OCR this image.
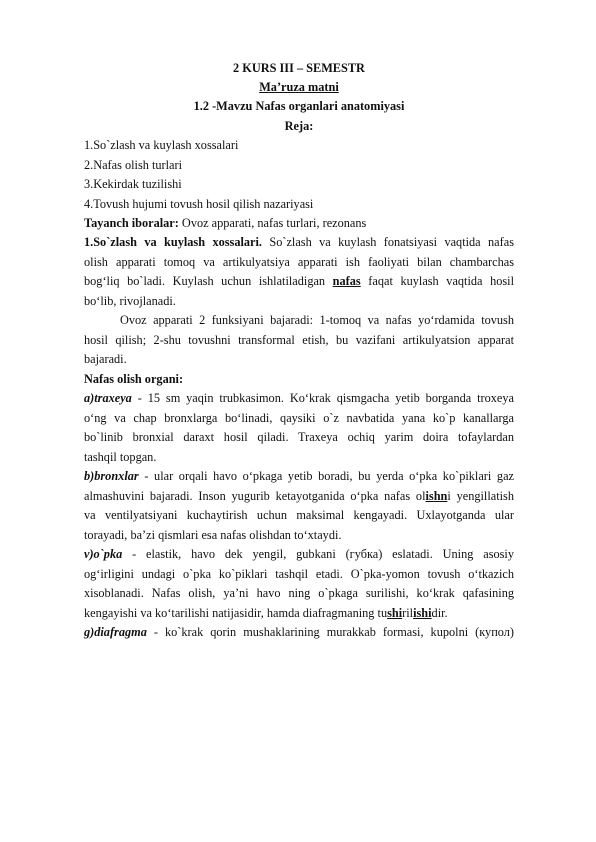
2 KURS III – SEMESTR
Ma’ruza matni
1.2 -Mavzu Nafas organlari anatomiyasi
Reja:
1.So`zlash va kuylash xossalari
2.Nafas olish turlari
3.Kekirdak tuzilishi
4.Tovush hujumi tovush hosil qilish nazariyasi
Tayanch iboralar: Ovoz apparati, nafas turlari, rezonans
1.So`zlash va kuylash xossalari. So`zlash va kuylash fonatsiyasi vaqtida nafas
olish apparati tomoq va artikulyatsiya apparati ish faoliyati bilan chambarchas
bog‘liq bo`ladi. Kuylash uchun ishlatiladigan nafas faqat kuylash vaqtida hosil
bo‘lib, rivojlanadi.
Ovoz apparati 2 funksiyani bajaradi: 1-tomoq va nafas yo‘rdamida tovush
hosil qilish; 2-shu tovushni transformal etish, bu vazifani artikulyatsion apparat
bajaradi.
Nafas olish organi:
a)traxeya - 15 sm yaqin trubkasimon. Ko‘krak qismgacha yetib borganda troxeya
o‘ng va chap bronxlarga bo‘linadi, qaysiki o`z navbatida yana ko`p kanallarga
bo`linib bronxial daraxt hosil qiladi. Traxeya ochiq yarim doira tofaylardan
tashqil topgan.
b)bronxlar - ular orqali havo o‘pkaga yetib boradi, bu yerda o‘pka ko`piklari gaz
almashuvini bajaradi. Inson yugurib ketayotganida o‘pka nafas olishni yengillatish
va ventilyatsiyani kuchaytirish uchun maksimal kengayadi. Uxlayotganda ular
torayadi, ba’zi qismlari esa nafas olishdan to‘xtaydi.
v)o`pka - elastik, havo dek yengil, gubkani (губка) eslatadi. Uning asosiy
og‘irligini undagi o`pka ko`piklari tashqil etadi. O`pka-yomon tovush o‘tkazich
xisoblanadi. Nafas olish, ya’ni havo ning o`pkaga surilishi, ko‘krak qafasining
kengayishi va ko‘tarilishi natijasidir, hamda diafragmaning tushirilishidir.
g)diafragma - ko`krak qorin mushaklarining murakkab formasi, kupolni (купол)
